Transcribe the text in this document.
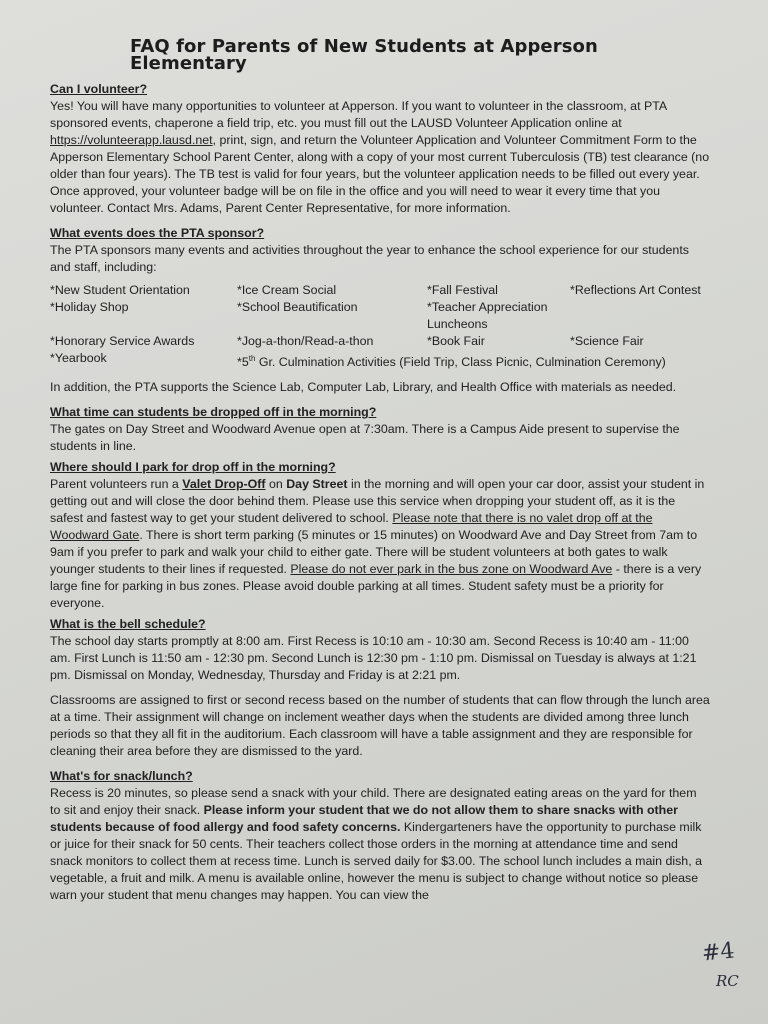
FAQ for Parents of New Students at Apperson Elementary

Can I volunteer?

Yes! You will have many opportunities to volunteer at Apperson. If you want to volunteer in the classroom, at PTA sponsored events, chaperone a field trip, etc. you must fill out the LAUSD Volunteer Application online at https://volunteerapp.lausd.net, print, sign, and return the Volunteer Application and Volunteer Commitment Form to the Apperson Elementary School Parent Center, along with a copy of your most current Tuberculosis (TB) test clearance (no older than four years). The TB test is valid for four years, but the volunteer application needs to be filled out every year. Once approved, your volunteer badge will be on file in the office and you will need to wear it every time that you volunteer. Contact Mrs. Adams, Parent Center Representative, for more information.

What events does the PTA sponsor?

The PTA sponsors many events and activities throughout the year to enhance the school experience for our students and staff, including:

*New Student Orientation	*Ice Cream Social	*Fall Festival	*Reflections Art Contest
*Holiday Shop	*School Beautification	*Teacher Appreciation Luncheons
*Honorary Service Awards	*Jog-a-thon/Read-a-thon	*Book Fair	*Science Fair
*Yearbook	*5th Gr. Culmination Activities (Field Trip, Class Picnic, Culmination Ceremony)

In addition, the PTA supports the Science Lab, Computer Lab, Library, and Health Office with materials as needed.

What time can students be dropped off in the morning?

The gates on Day Street and Woodward Avenue open at 7:30am. There is a Campus Aide present to supervise the students in line.

Where should I park for drop off in the morning?

Parent volunteers run a Valet Drop-Off on Day Street in the morning and will open your car door, assist your student in getting out and will close the door behind them. Please use this service when dropping your student off, as it is the safest and fastest way to get your student delivered to school. Please note that there is no valet drop off at the Woodward Gate. There is short term parking (5 minutes or 15 minutes) on Woodward Ave and Day Street from 7am to 9am if you prefer to park and walk your child to either gate. There will be student volunteers at both gates to walk younger students to their lines if requested. Please do not ever park in the bus zone on Woodward Ave - there is a very large fine for parking in bus zones. Please avoid double parking at all times. Student safety must be a priority for everyone.

What is the bell schedule?

The school day starts promptly at 8:00 am. First Recess is 10:10 am - 10:30 am. Second Recess is 10:40 am - 11:00 am. First Lunch is 11:50 am - 12:30 pm. Second Lunch is 12:30 pm - 1:10 pm. Dismissal on Tuesday is always at 1:21 pm. Dismissal on Monday, Wednesday, Thursday and Friday is at 2:21 pm.

Classrooms are assigned to first or second recess based on the number of students that can flow through the lunch area at a time. Their assignment will change on inclement weather days when the students are divided among three lunch periods so that they all fit in the auditorium. Each classroom will have a table assignment and they are responsible for cleaning their area before they are dismissed to the yard.

What's for snack/lunch?

Recess is 20 minutes, so please send a snack with your child. There are designated eating areas on the yard for them to sit and enjoy their snack. Please inform your student that we do not allow them to share snacks with other students because of food allergy and food safety concerns. Kindergarteners have the opportunity to purchase milk or juice for their snack for 50 cents. Their teachers collect those orders in the morning at attendance time and send snack monitors to collect them at recess time. Lunch is served daily for $3.00. The school lunch includes a main dish, a vegetable, a fruit and milk. A menu is available online, however the menu is subject to change without notice so please warn your student that menu changes may happen. You can view the

#4
RC
